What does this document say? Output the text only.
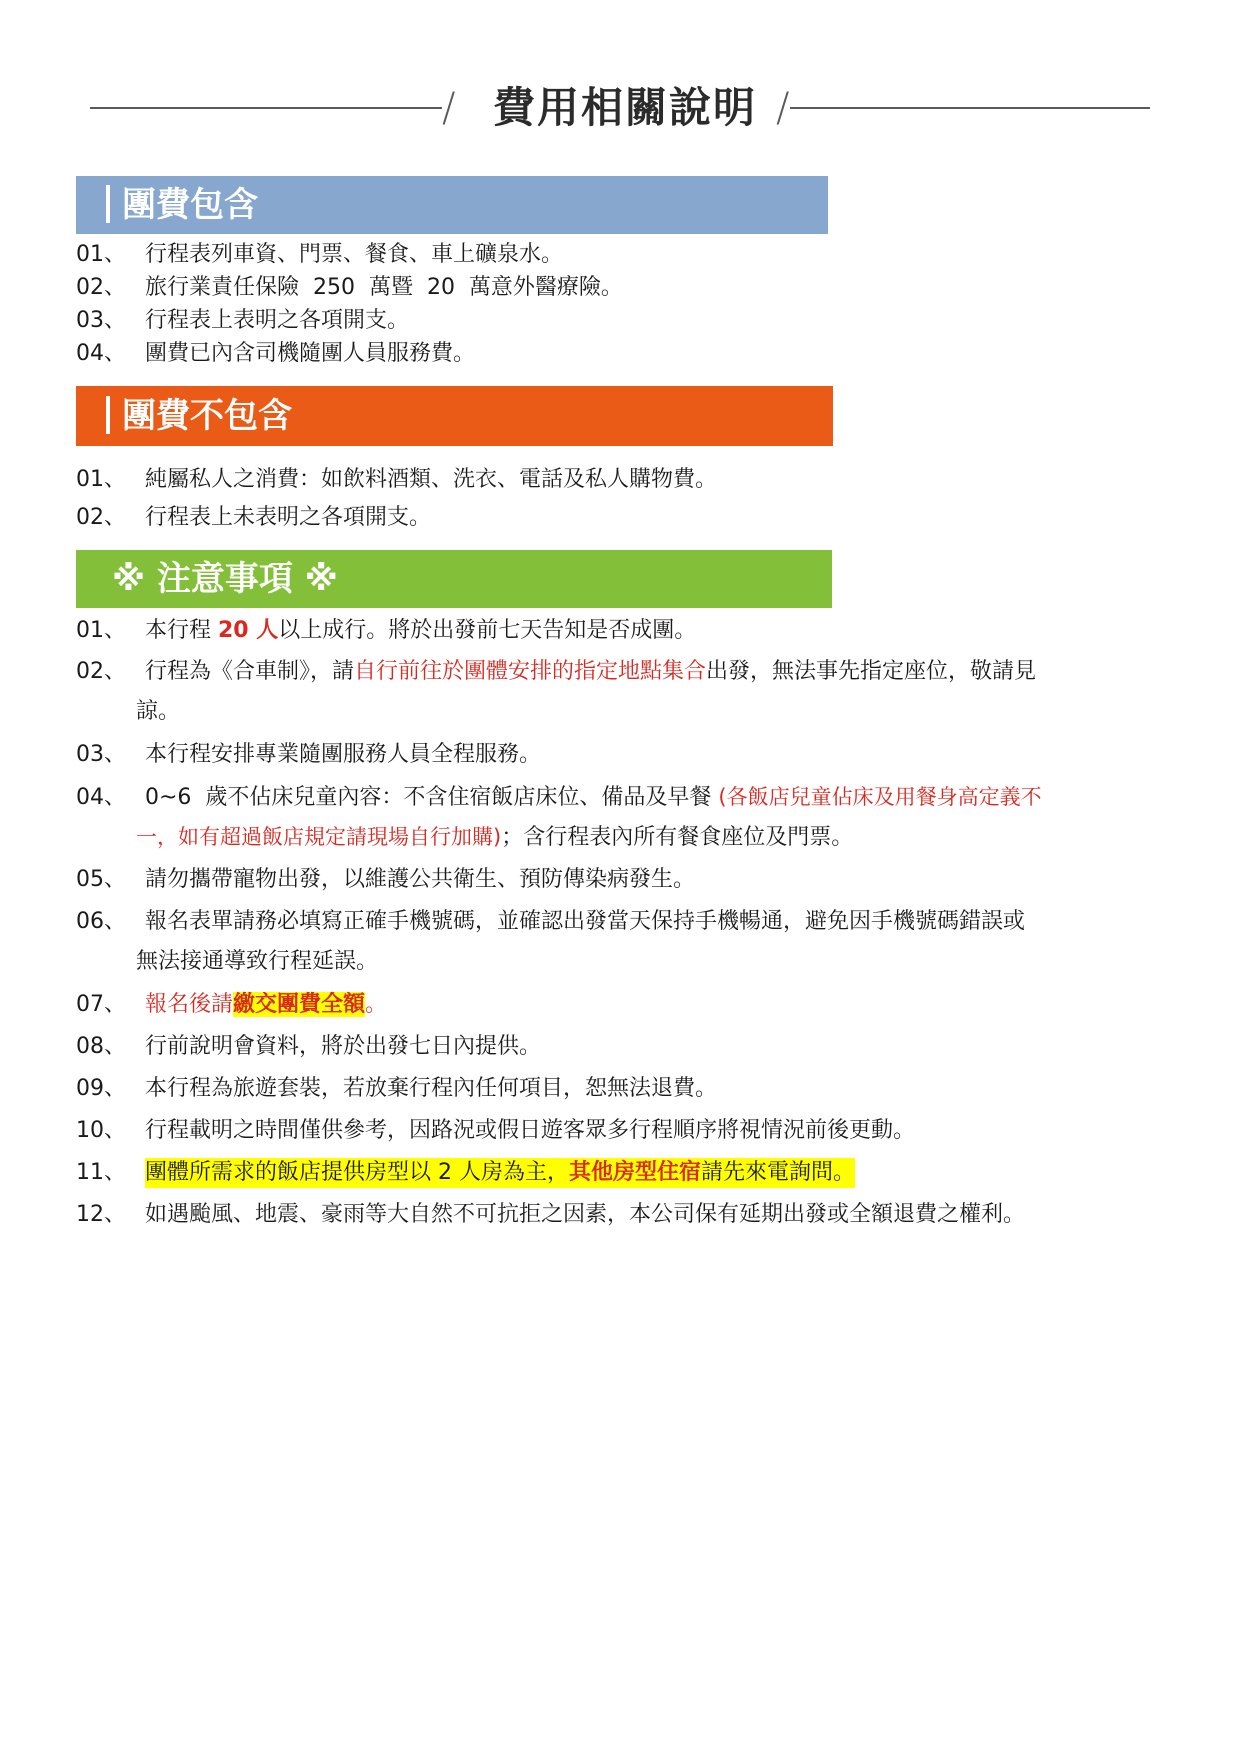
/ 費用相關說明 /
團費包含
01、 行程表列車資、門票、餐食、車上礦泉水。
02、 旅行業責任保險  250  萬暨  20  萬意外醫療險。
03、 行程表上表明之各項開支。
04、 團費已內含司機隨團人員服務費。
團費不包含
01、 純屬私人之消費：如飲料酒類、洗衣、電話及私人購物費。
02、 行程表上未表明之各項開支。
※ 注意事項 ※
01、 本行程 20 人以上成行。將於出發前七天告知是否成團。
02、 行程為《合車制》，請自行前往於團體安排的指定地點集合出發，無法事先指定座位，敬請見
諒。
03、 本行程安排專業隨團服務人員全程服務。
04、 0~6  歲不佔床兒童內容：不含住宿飯店床位、備品及早餐 (各飯店兒童佔床及用餐身高定義不
一，如有超過飯店規定請現場自行加購)；含行程表內所有餐食座位及門票。
05、 請勿攜帶寵物出發，以維護公共衛生、預防傳染病發生。
06、 報名表單請務必填寫正確手機號碼，並確認出發當天保持手機暢通，避免因手機號碼錯誤或
無法接通導致行程延誤。
07、 報名後請繳交團費全額。
08、 行前說明會資料，將於出發七日內提供。
09、 本行程為旅遊套裝，若放棄行程內任何項目，恕無法退費。
10、 行程載明之時間僅供參考，因路況或假日遊客眾多行程順序將視情況前後更動。
11、 團體所需求的飯店提供房型以 2 人房為主，其他房型住宿請先來電詢問。
12、 如遇颱風、地震、豪雨等大自然不可抗拒之因素，本公司保有延期出發或全額退費之權利。
